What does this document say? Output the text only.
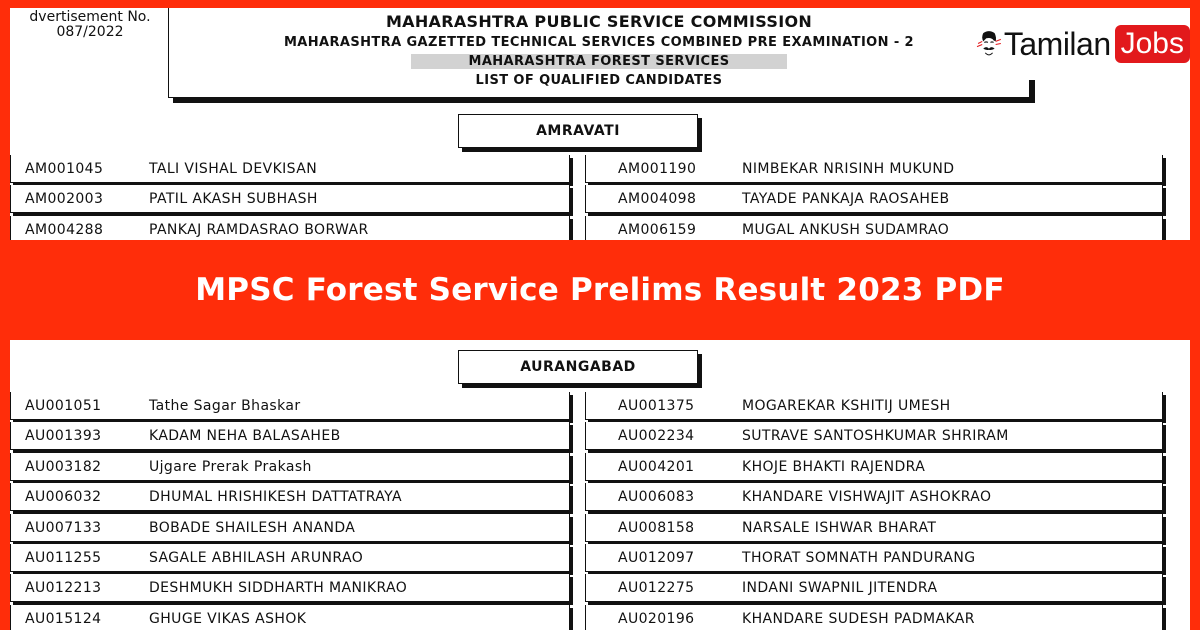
dvertisement No.
087/2022
MAHARASHTRA PUBLIC SERVICE COMMISSION
MAHARASHTRA GAZETTED TECHNICAL SERVICES COMBINED PRE EXAMINATION - 2
MAHARASHTRA FOREST SERVICES
LIST OF QUALIFIED CANDIDATES
Tamilan Jobs
AMRAVATI
AM001045	TALI VISHAL DEVKISAN	AM001190	NIMBEKAR NRISINH MUKUND
AM002003	PATIL AKASH SUBHASH	AM004098	TAYADE PANKAJA RAOSAHEB
AM004288	PANKAJ RAMDASRAO BORWAR	AM006159	MUGAL ANKUSH SUDAMRAO
AURANGABAD
AU001051	Tathe Sagar Bhaskar	AU001375	MOGAREKAR KSHITIJ UMESH
AU001393	KADAM NEHA BALASAHEB	AU002234	SUTRAVE SANTOSHKUMAR SHRIRAM
AU003182	Ujgare Prerak Prakash	AU004201	KHOJE BHAKTI RAJENDRA
AU006032	DHUMAL HRISHIKESH DATTATRAYA	AU006083	KHANDARE VISHWAJIT ASHOKRAO
AU007133	BOBADE SHAILESH ANANDA	AU008158	NARSALE ISHWAR BHARAT
AU011255	SAGALE ABHILASH ARUNRAO	AU012097	THORAT SOMNATH PANDURANG
AU012213	DESHMUKH SIDDHARTH MANIKRAO	AU012275	INDANI SWAPNIL JITENDRA
AU015124	GHUGE VIKAS ASHOK	AU020196	KHANDARE SUDESH PADMAKAR
MPSC Forest Service Prelims Result 2023 PDF
